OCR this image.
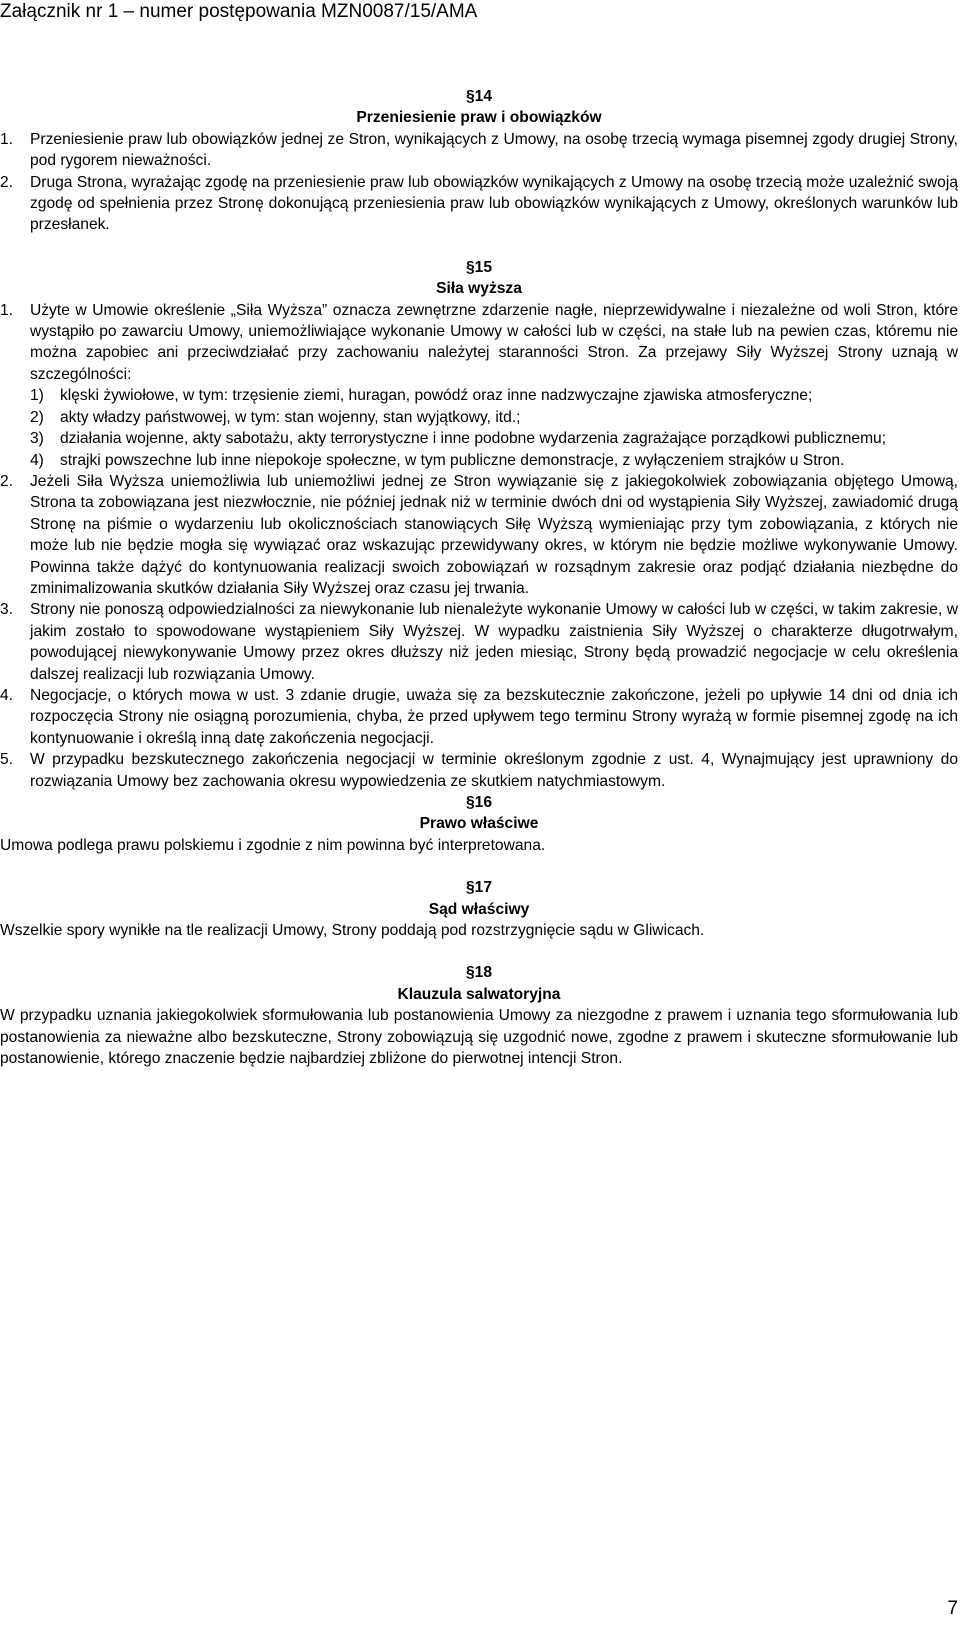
Załącznik nr 1 – numer postępowania MZN0087/15/AMA
§14
Przeniesienie praw i obowiązków
1.	Przeniesienie praw lub obowiązków jednej ze Stron, wynikających z Umowy, na osobę trzecią wymaga pisemnej zgody drugiej Strony, pod rygorem nieważności.
2.	Druga Strona, wyrażając zgodę na przeniesienie praw lub obowiązków wynikających z Umowy na osobę trzecią może uzależnić swoją zgodę od spełnienia przez Stronę dokonującą przeniesienia praw lub obowiązków wynikających z Umowy, określonych warunków lub przesłanek.
§15
Siła wyższa
1.	Użyte w Umowie określenie „Siła Wyższa” oznacza zewnętrzne zdarzenie nagłe, nieprzewidywalne i niezależne od woli Stron, które wystąpiło po zawarciu Umowy, uniemożliwiające wykonanie Umowy w całości lub w części, na stałe lub na pewien czas, któremu nie można zapobiec ani przeciwdziałać przy zachowaniu należytej staranności Stron. Za przejawy Siły Wyższej Strony uznają w szczególności:
1)	klęski żywiołowe, w tym: trzęsienie ziemi, huragan, powódź oraz inne nadzwyczajne zjawiska atmosferyczne;
2)	akty władzy państwowej, w tym: stan wojenny, stan wyjątkowy, itd.;
3)	działania wojenne, akty sabotażu, akty terrorystyczne i inne podobne wydarzenia zagrażające porządkowi publicznemu;
4)	strajki powszechne lub inne niepokoje społeczne, w tym publiczne demonstracje, z wyłączeniem strajków u Stron.
2.	Jeżeli Siła Wyższa uniemożliwia lub uniemożliwi jednej ze Stron wywiązanie się z jakiegokolwiek zobowiązania objętego Umową, Strona ta zobowiązana jest niezwłocznie, nie później jednak niż w terminie dwóch dni od wystąpienia Siły Wyższej, zawiadomić drugą Stronę na piśmie o wydarzeniu lub okolicznościach stanowiących Siłę Wyższą wymieniając przy tym zobowiązania, z których nie może lub nie będzie mogła się wywiązać oraz wskazując przewidywany okres, w którym nie będzie możliwe wykonywanie Umowy. Powinna także dążyć do kontynuowania realizacji swoich zobowiązań w rozsądnym zakresie oraz podjąć działania niezbędne do zminimalizowania skutków działania Siły Wyższej oraz czasu jej trwania.
3.	Strony nie ponoszą odpowiedzialności za niewykonanie lub nienależyte wykonanie Umowy w całości lub w części, w takim zakresie, w jakim zostało to spowodowane wystąpieniem Siły Wyższej. W wypadku zaistnienia Siły Wyższej o charakterze długotrwałym, powodującej niewykonywanie Umowy przez okres dłuższy niż jeden miesiąc, Strony będą prowadzić negocjacje w celu określenia dalszej realizacji lub rozwiązania Umowy.
4.	Negocjacje, o których mowa w ust. 3 zdanie drugie, uważa się za bezskutecznie zakończone, jeżeli po upływie 14 dni od dnia ich rozpoczęcia Strony nie osiągną porozumienia, chyba, że przed upływem tego terminu Strony wyrażą w formie pisemnej zgodę na ich kontynuowanie i określą inną datę zakończenia negocjacji.
5.	W przypadku bezskutecznego zakończenia negocjacji w terminie określonym zgodnie z ust. 4, Wynajmujący jest uprawniony do rozwiązania Umowy bez zachowania okresu wypowiedzenia ze skutkiem natychmiastowym.
§16
Prawo właściwe
Umowa podlega prawu polskiemu i zgodnie z nim powinna być interpretowana.
§17
Sąd właściwy
Wszelkie spory wynikłe na tle realizacji Umowy, Strony poddają pod rozstrzygnięcie sądu w Gliwicach.
§18
Klauzula salwatoryjna
W przypadku uznania jakiegokolwiek sformułowania lub postanowienia Umowy za niezgodne z prawem i uznania tego sformułowania lub postanowienia za nieważne albo bezskuteczne, Strony zobowiązują się uzgodnić nowe, zgodne z prawem i skuteczne sformułowanie lub postanowienie, którego znaczenie będzie najbardziej zbliżone do pierwotnej intencji Stron.
7
